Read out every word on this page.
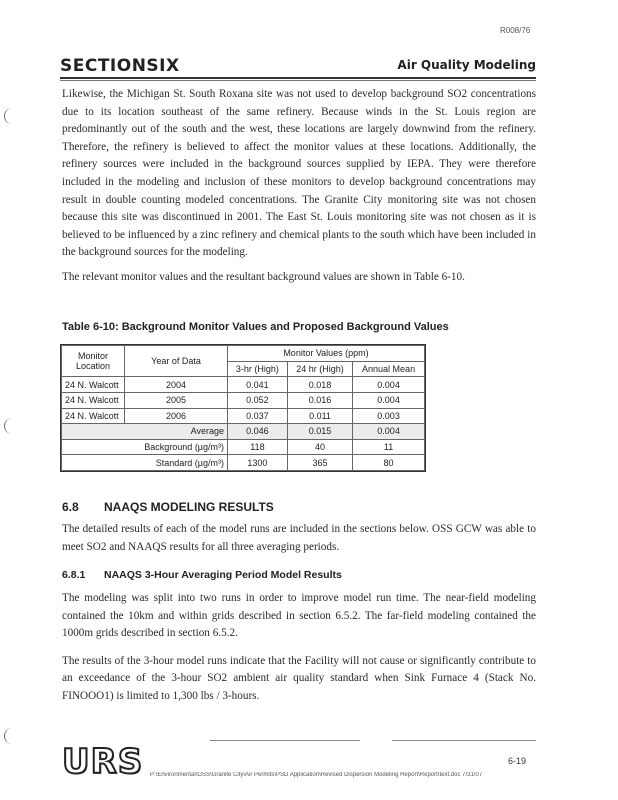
R008/76
SECTIONSIX	Air Quality Modeling

Likewise, the Michigan St. South Roxana site was not used to develop background SO2 concentrations due to its location southeast of the same refinery. Because winds in the St. Louis region are predominantly out of the south and the west, these locations are largely downwind from the refinery. Therefore, the refinery is believed to affect the monitor values at these locations. Additionally, the refinery sources were included in the background sources supplied by IEPA. They were therefore included in the modeling and inclusion of these monitors to develop background concentrations may result in double counting modeled concentrations. The Granite City monitoring site was not chosen because this site was discontinued in 2001. The East St. Louis monitoring site was not chosen as it is believed to be influenced by a zinc refinery and chemical plants to the south which have been included in the background sources for the modeling.

The relevant monitor values and the resultant background values are shown in Table 6-10.

Table 6-10: Background Monitor Values and Proposed Background Values
Monitor Location	Year of Data	Monitor Values (ppm)		
		3-hr (High)	24 hr (High)	Annual Mean
24 N. Walcott	2004	0.041	0.018	0.004
24 N. Walcott	2005	0.052	0.016	0.004
24 N. Walcott	2006	0.037	0.011	0.003
Average		0.046	0.015	0.004
Background (µg/m³)		118	40	11
Standard (µg/m³)		1300	365	80
6.8 NAAQS MODELING RESULTS

The detailed results of each of the model runs are included in the sections below. OSS GCW was able to meet SO2 and NAAQS results for all three averaging periods.

6.8.1 NAAQS 3-Hour Averaging Period Model Results

The modeling was split into two runs in order to improve model run time. The near-field modeling contained the 10km and within grids described in section 6.5.2. The far-field modeling contained the 1000m grids described in section 6.5.2.

The results of the 3-hour model runs indicate that the Facility will not cause or significantly contribute to an exceedance of the 3-hour SO2 ambient air quality standard when Sink Furnace 4 (Stack No. FINOOO1) is limited to 1,300 lbs / 3-hours.

URS	6-19
P:\Environmental\OSS\Granite City\Air Permits\PSD Application\Revised Dispersion Modeling Report\Report\text.doc 7/31/07
